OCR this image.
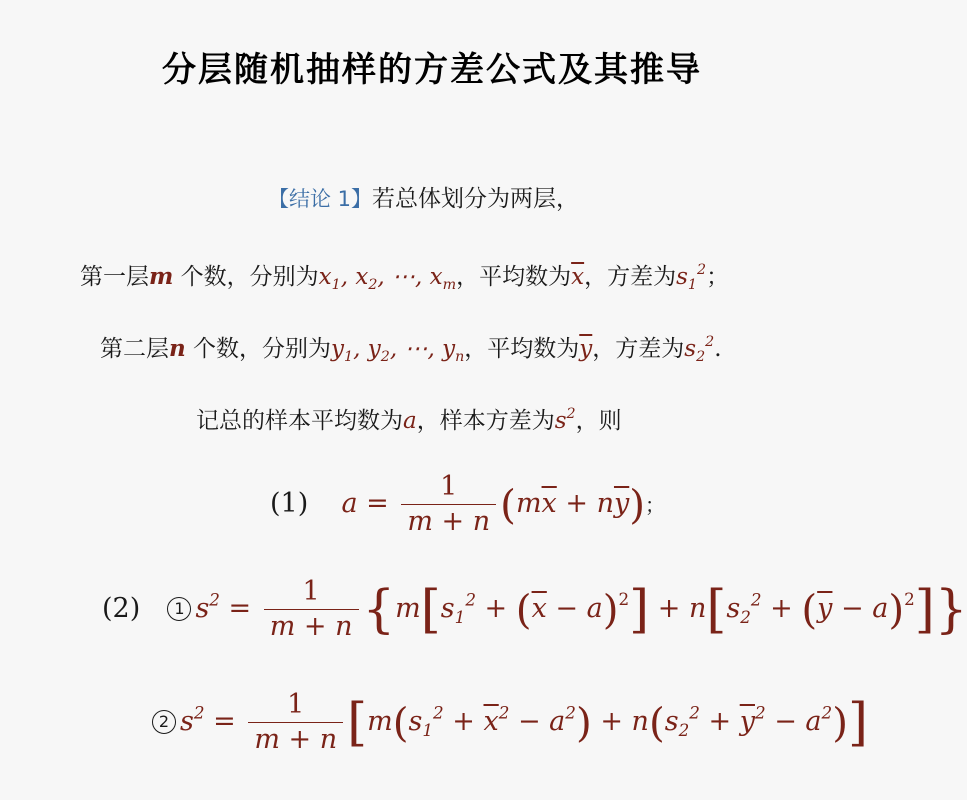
分层随机抽样的方差公式及其推导
【结论 1】若总体划分为两层，
第一层m 个数，分别为$x_1$, $x_2$, ⋯, $x_m$，平均数为$\overline{x}$，方差为$s_1^2$；
第二层n 个数，分别为$y_1$, $y_2$, ⋯, $y_n$，平均数为$\overline{y}$，方差为$s_2^2$.
记总的样本平均数为a，样本方差为$s^2$，则
(1) $a = \frac{1}{m + n} (m\overline{x} + n\overline{y})$；
(2) 1 $s^2 = \frac{1}{m + n} \{m[s_1^2 + (\overline{x} - a)^2] + n[s_2^2 + (\overline{y} - a)^2]\}$
2 $s^2 = \frac{1}{m + n} [m(s_1^2 + \overline{x}^2 - a^2) + n(s_2^2 + \overline{y}^2 - a^2)]$
